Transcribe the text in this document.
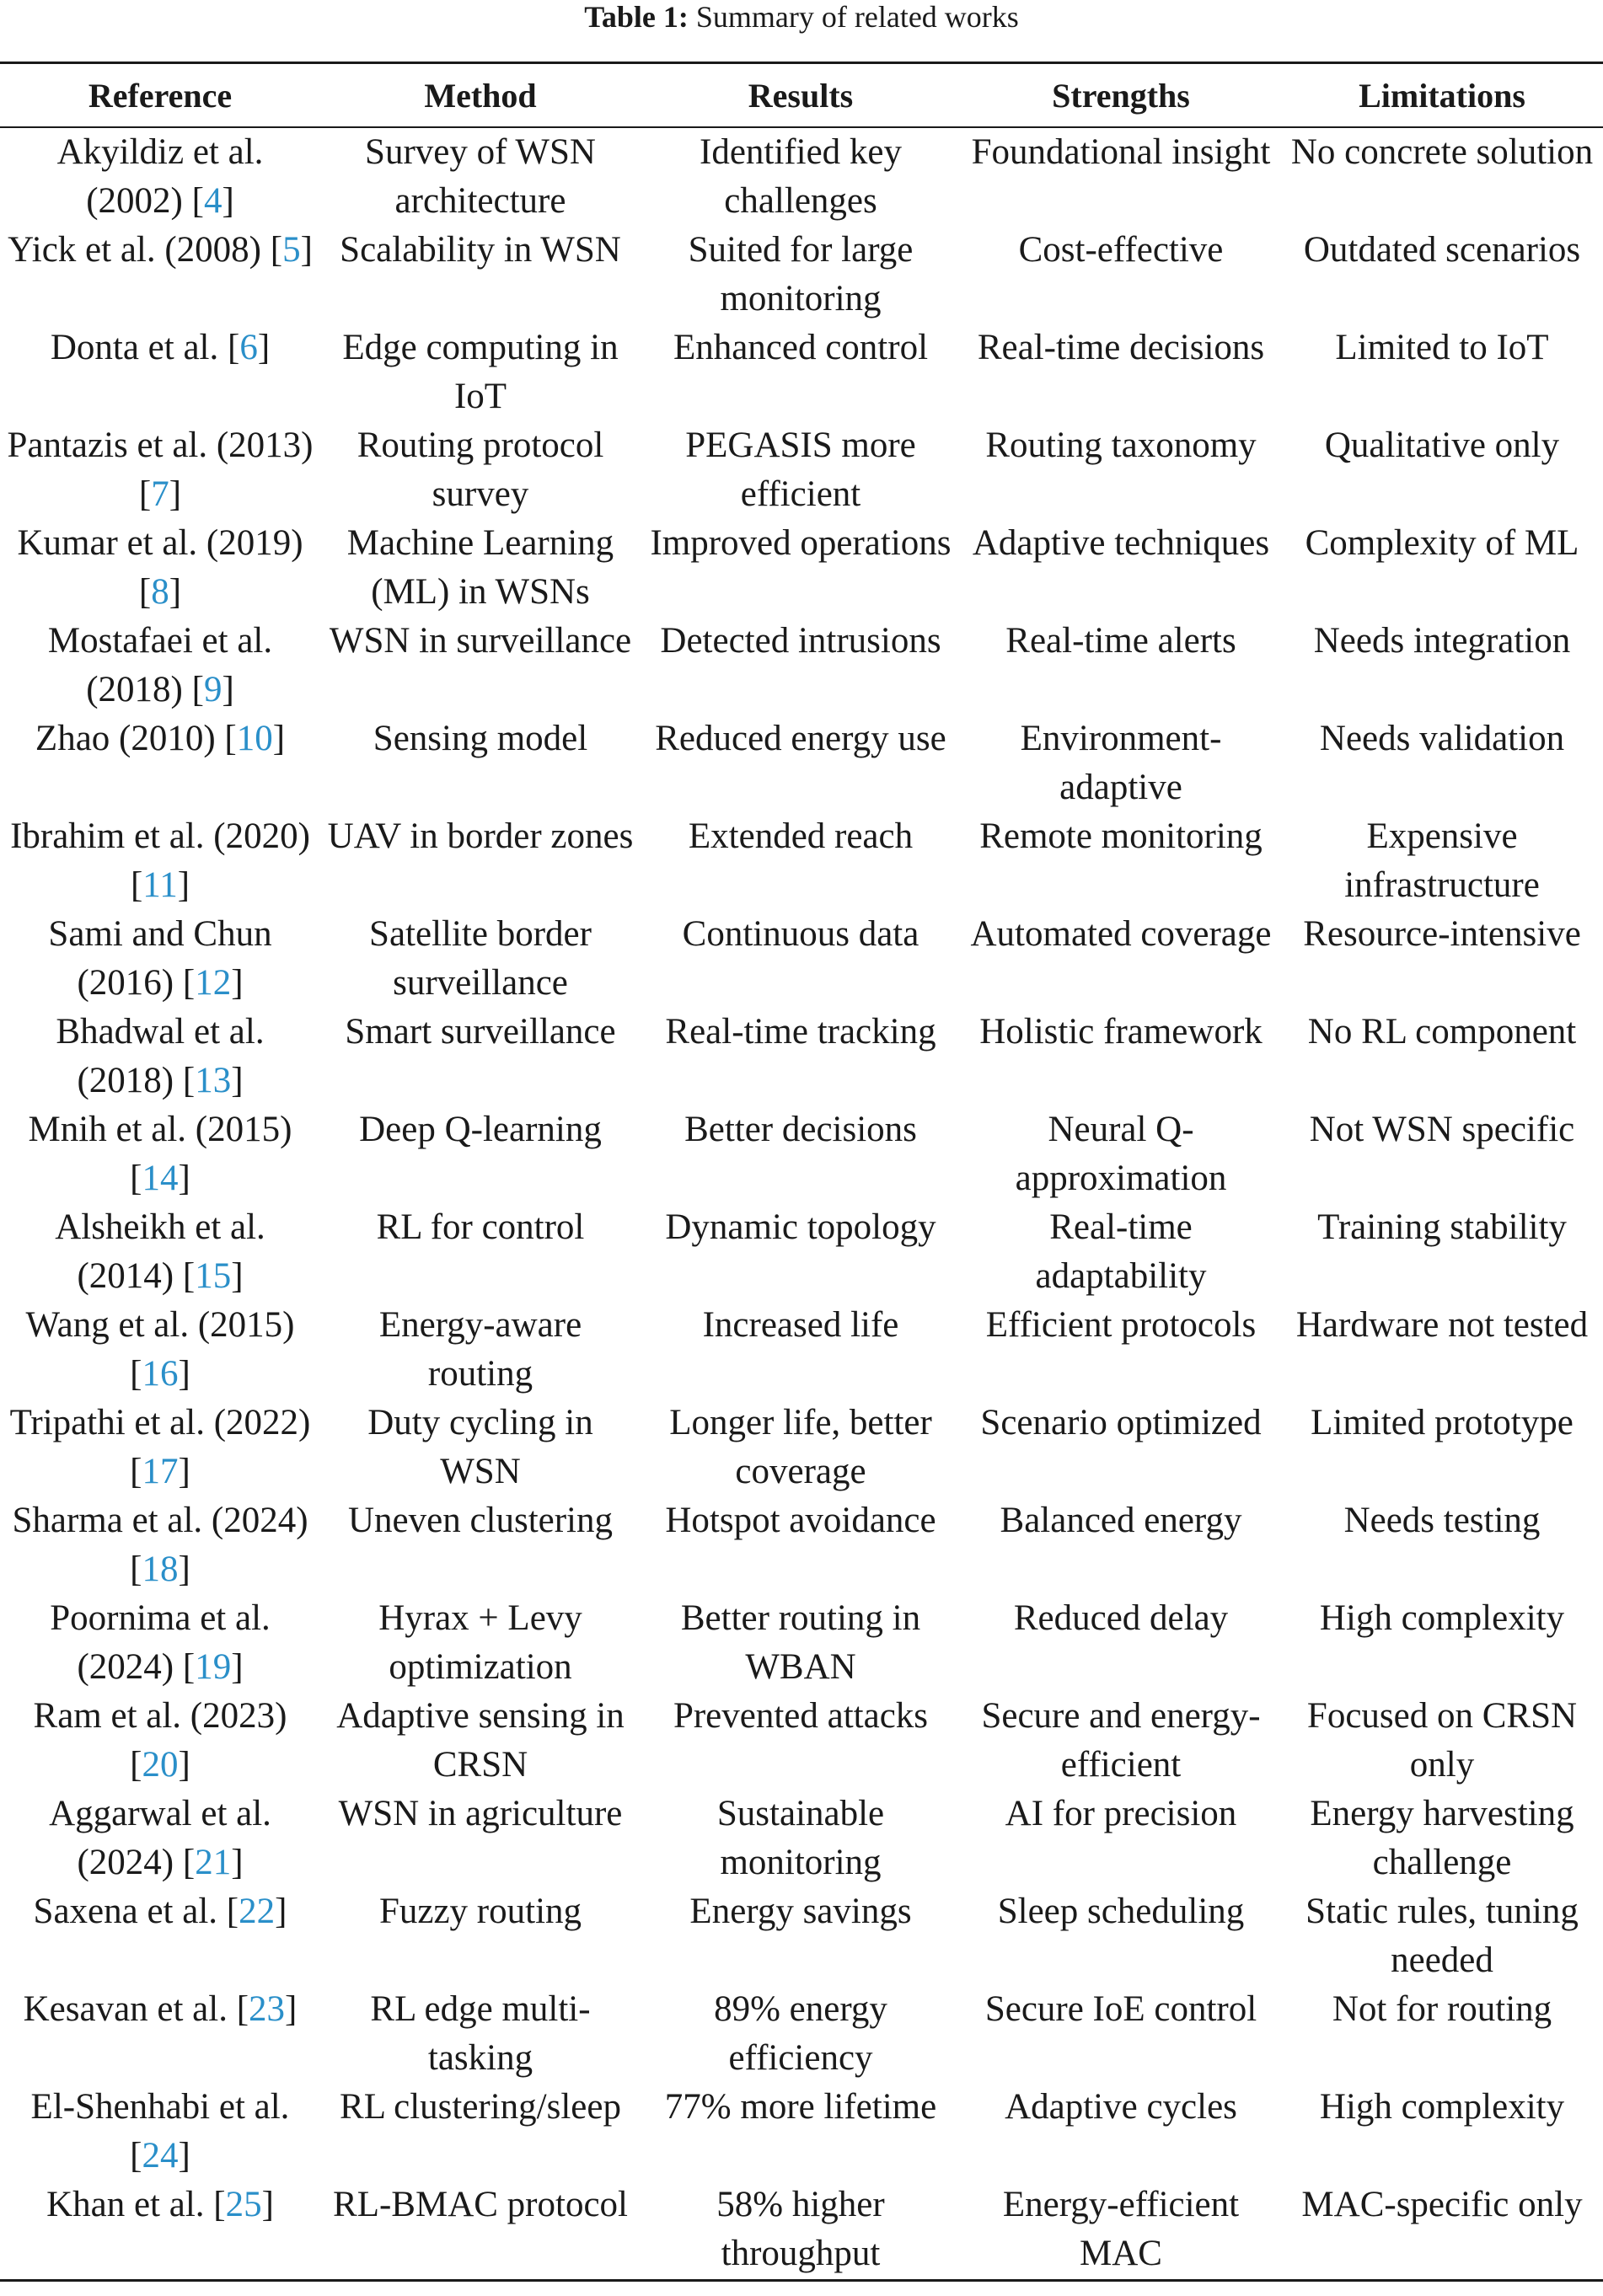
Table 1: Summary of related works
Reference	Method	Results	Strengths	Limitations
Akyildiz et al. (2002) [4]	Survey of WSN architecture	Identified key challenges	Foundational insight	No concrete solution
Yick et al. (2008) [5]	Scalability in WSN	Suited for large monitoring	Cost-effective	Outdated scenarios
Donta et al. [6]	Edge computing in IoT	Enhanced control	Real-time decisions	Limited to IoT
Pantazis et al. (2013) [7]	Routing protocol survey	PEGASIS more efficient	Routing taxonomy	Qualitative only
Kumar et al. (2019) [8]	Machine Learning (ML) in WSNs	Improved operations	Adaptive techniques	Complexity of ML
Mostafaei et al. (2018) [9]	WSN in surveillance	Detected intrusions	Real-time alerts	Needs integration
Zhao (2010) [10]	Sensing model	Reduced energy use	Environment-adaptive	Needs validation
Ibrahim et al. (2020) [11]	UAV in border zones	Extended reach	Remote monitoring	Expensive infrastructure
Sami and Chun (2016) [12]	Satellite border surveillance	Continuous data	Automated coverage	Resource-intensive
Bhadwal et al. (2018) [13]	Smart surveillance	Real-time tracking	Holistic framework	No RL component
Mnih et al. (2015) [14]	Deep Q-learning	Better decisions	Neural Q-approximation	Not WSN specific
Alsheikh et al. (2014) [15]	RL for control	Dynamic topology	Real-time adaptability	Training stability
Wang et al. (2015) [16]	Energy-aware routing	Increased life	Efficient protocols	Hardware not tested
Tripathi et al. (2022) [17]	Duty cycling in WSN	Longer life, better coverage	Scenario optimized	Limited prototype
Sharma et al. (2024) [18]	Uneven clustering	Hotspot avoidance	Balanced energy	Needs testing
Poornima et al. (2024) [19]	Hyrax + Levy optimization	Better routing in WBAN	Reduced delay	High complexity
Ram et al. (2023) [20]	Adaptive sensing in CRSN	Prevented attacks	Secure and energy-efficient	Focused on CRSN only
Aggarwal et al. (2024) [21]	WSN in agriculture	Sustainable monitoring	AI for precision	Energy harvesting challenge
Saxena et al. [22]	Fuzzy routing	Energy savings	Sleep scheduling	Static rules, tuning needed
Kesavan et al. [23]	RL edge multi-tasking	89% energy efficiency	Secure IoE control	Not for routing
El-Shenhabi et al. [24]	RL clustering/sleep	77% more lifetime	Adaptive cycles	High complexity
Khan et al. [25]	RL-BMAC protocol	58% higher throughput	Energy-efficient MAC	MAC-specific only
